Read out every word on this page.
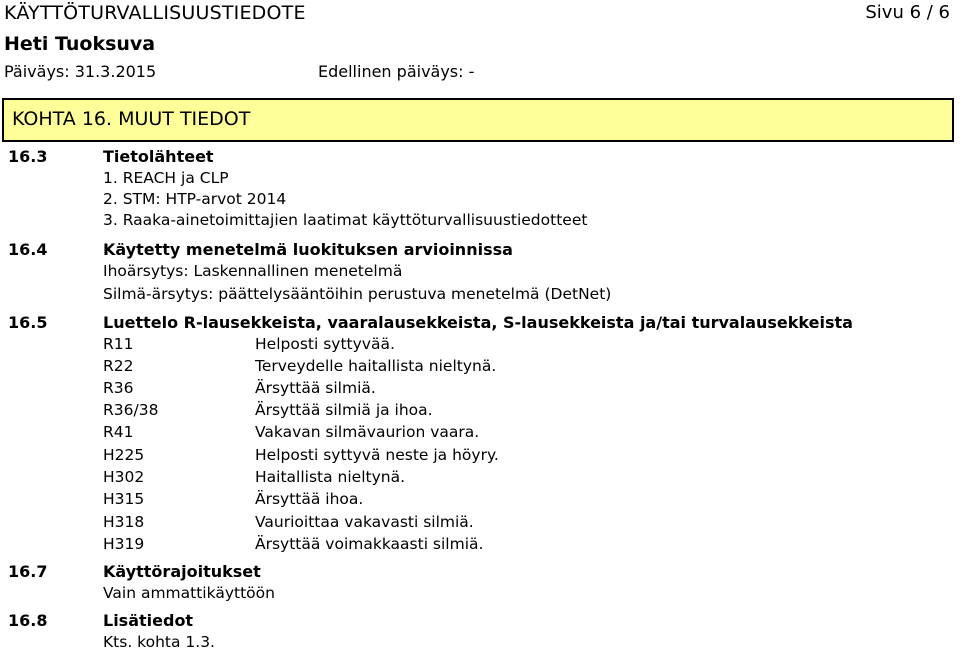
KÄYTTÖTURVALLISUUSTIEDOTE	Sivu 6 / 6
Heti Tuoksuva
Päiväys: 31.3.2015	Edellinen päiväys: -
KOHTA 16. MUUT TIEDOT
16.3	Tietolähteet
1. REACH ja CLP
2. STM: HTP-arvot 2014
3. Raaka-ainetoimittajien laatimat käyttöturvallisuustiedotteet
16.4	Käytetty menetelmä luokituksen arvioinnissa
Ihoärsytys: Laskennallinen menetelmä
Silmä-ärsytys: päättelysääntöihin perustuva menetelmä (DetNet)
16.5	Luettelo R-lausekkeista, vaaralausekkeista, S-lausekkeista ja/tai turvalausekkeista
R11	Helposti syttyvää.
R22	Terveydelle haitallista nieltynä.
R36	Ärsyttää silmiä.
R36/38	Ärsyttää silmiä ja ihoa.
R41	Vakavan silmävaurion vaara.
H225	Helposti syttyvä neste ja höyry.
H302	Haitallista nieltynä.
H315	Ärsyttää ihoa.
H318	Vaurioittaa vakavasti silmiä.
H319	Ärsyttää voimakkaasti silmiä.
16.7	Käyttörajoitukset
Vain ammattikäyttöön
16.8	Lisätiedot
Kts. kohta 1.3.
